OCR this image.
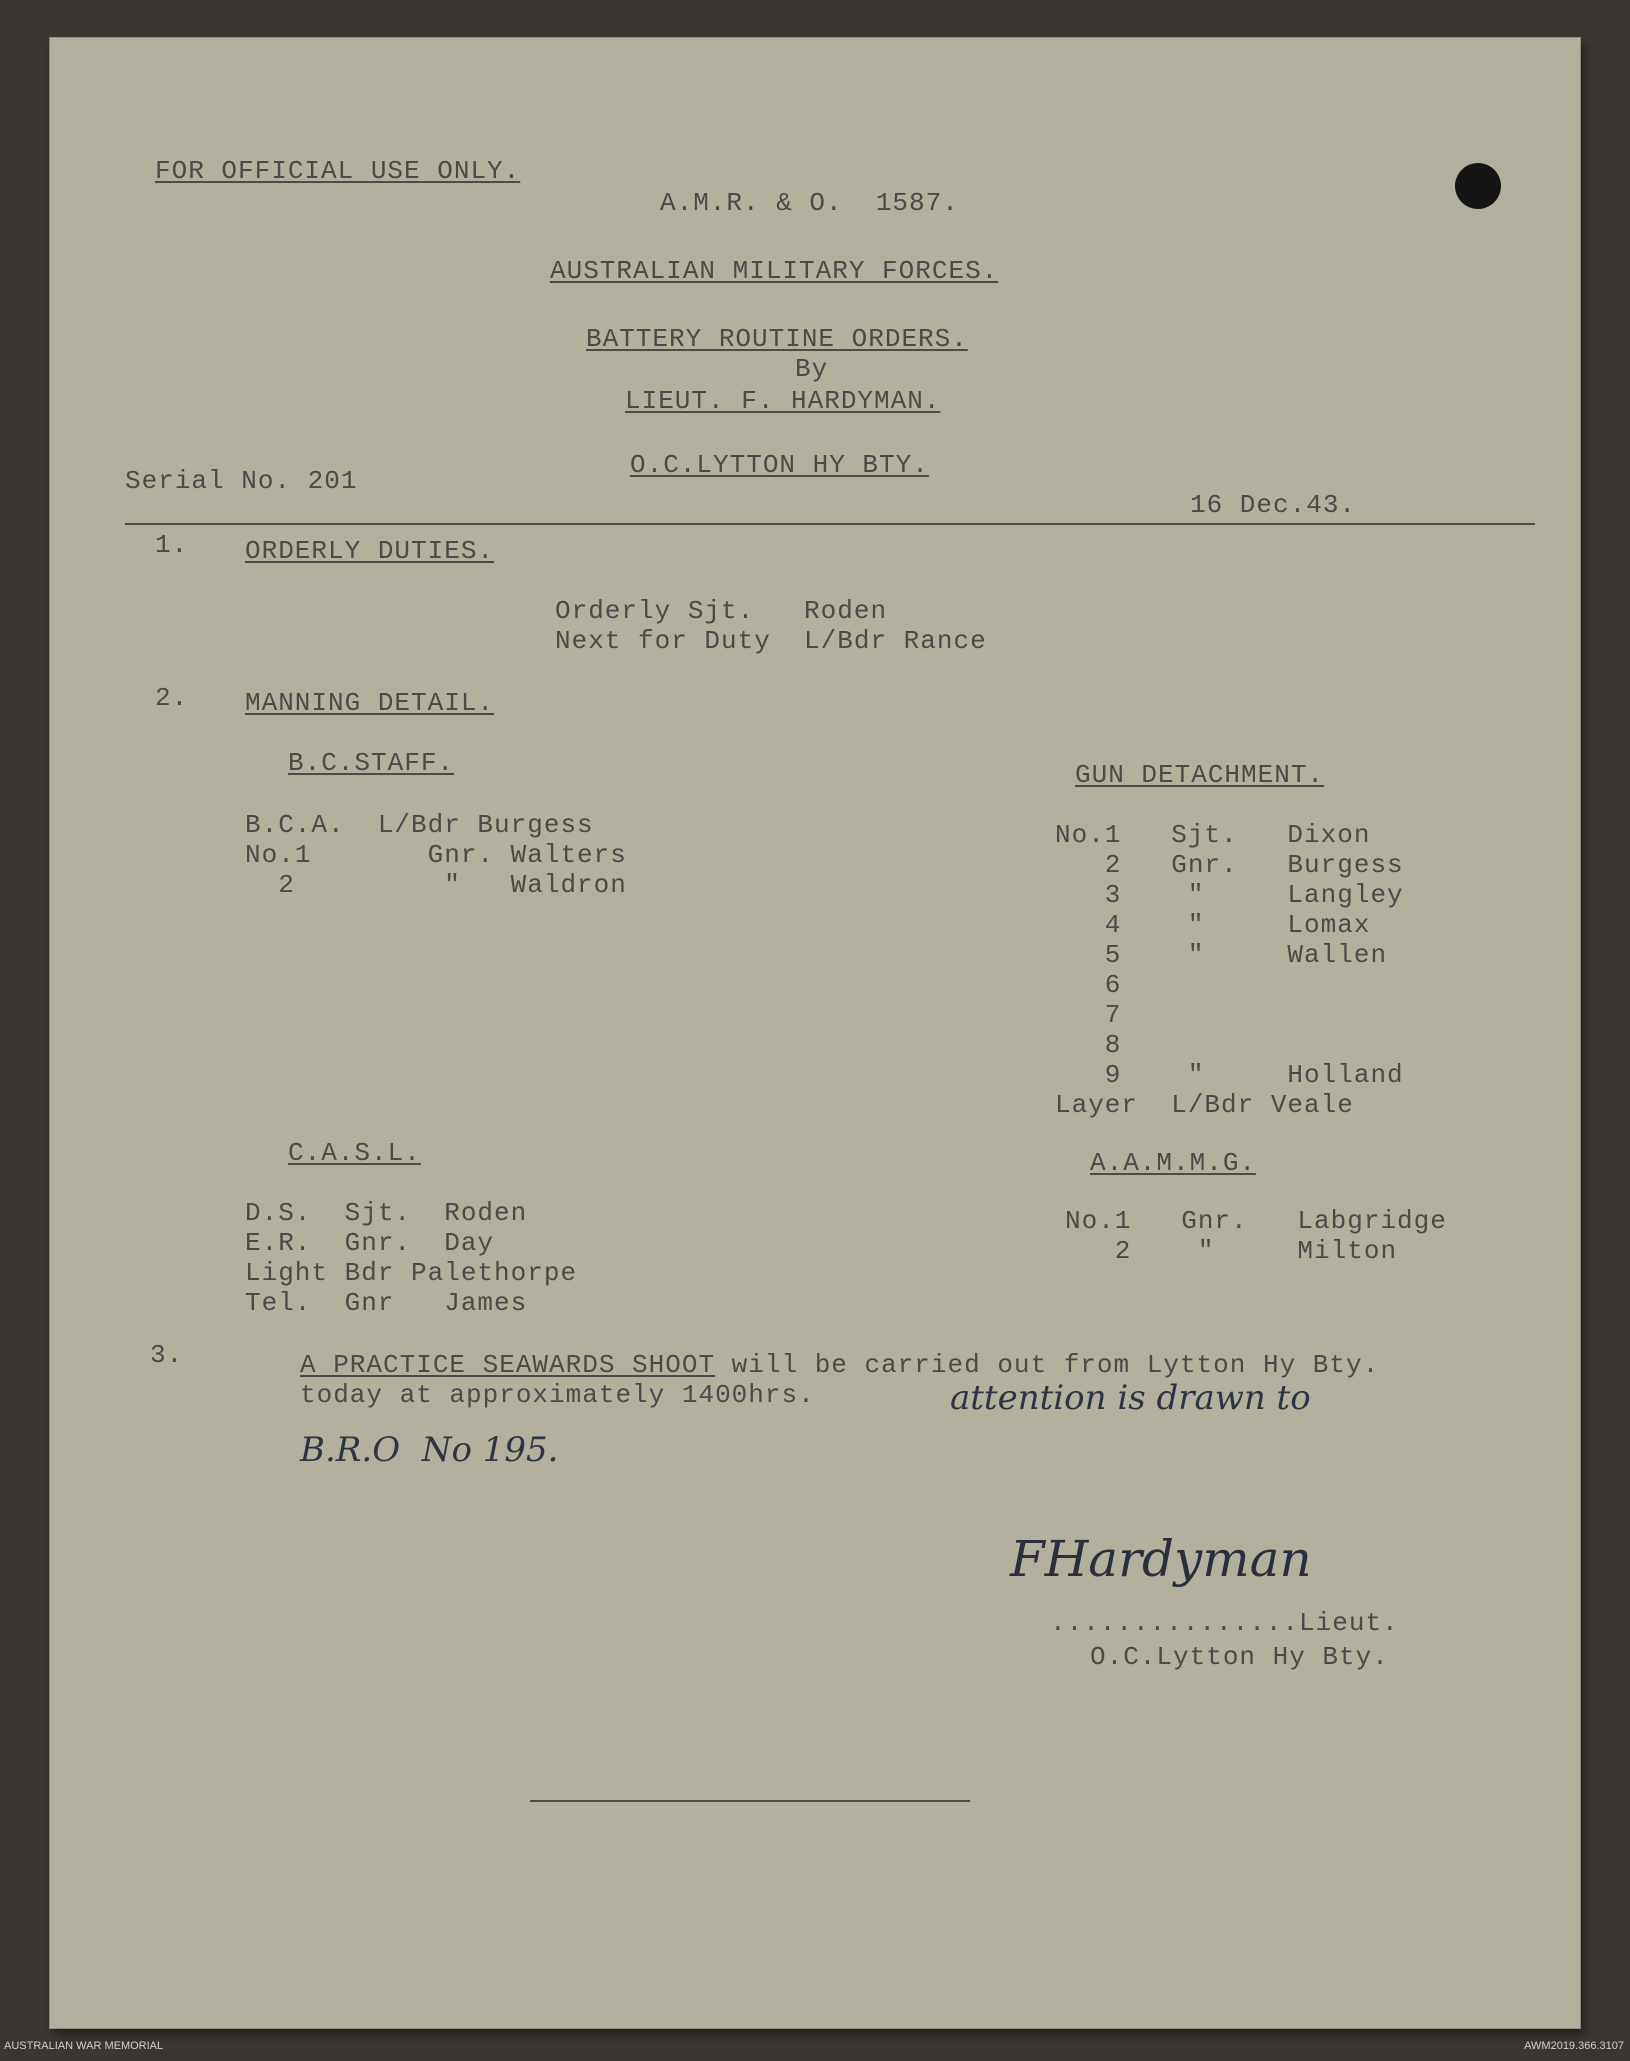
FOR OFFICIAL USE ONLY.
A.M.R. & O.  1587.
AUSTRALIAN MILITARY FORCES.
BATTERY ROUTINE ORDERS.
By
LIEUT. F. HARDYMAN.
O.C.LYTTON HY BTY.
Serial No. 201
16 Dec.43.
1. ORDERLY DUTIES.
Orderly Sjt.   Roden
Next for Duty  L/Bdr Rance
2. MANNING DETAIL.
B.C.STAFF.
B.C.A.  L/Bdr Burgess
No.1       Gnr. Walters
2         "   Waldron
GUN DETACHMENT.
No.1   Sjt.   Dixon
2   Gnr.   Burgess
3    "     Langley
4    "     Lomax
5    "     Wallen
6
7
8
9    "     Holland
Layer  L/Bdr Veale
C.A.S.L.
D.S.  Sjt.  Roden
E.R.  Gnr.  Day
Light Bdr Palethorpe
Tel.  Gnr   James
A.A.M.M.G.
No.1   Gnr.   Labgridge
2    "     Milton
3.	A PRACTICE SEAWARDS SHOOT will be carried out from Lytton Hy Bty.
today at approximately 1400hrs.	attention is drawn to
B.R.O  No 195.
FHardyman
...............Lieut.
O.C.Lytton Hy Bty.
AUSTRALIAN WAR MEMORIAL	AWM2019.366.3107
